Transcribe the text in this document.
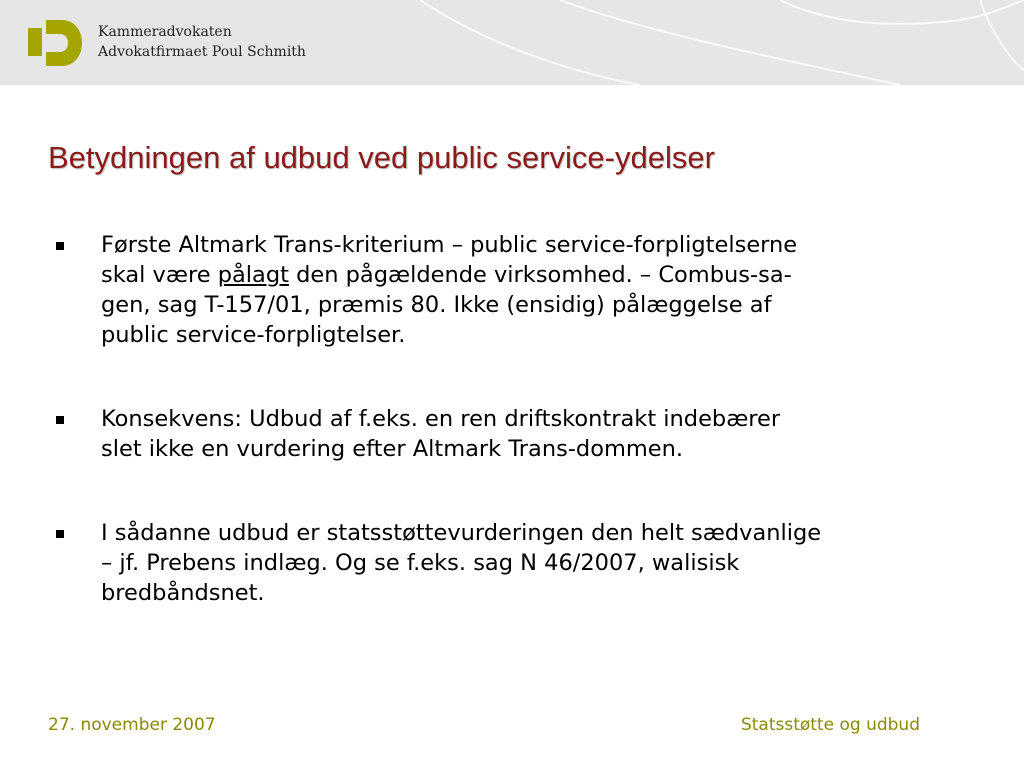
Kammeradvokaten
Advokatfirmaet Poul Schmith
Betydningen af udbud ved public service-ydelser
Første Altmark Trans-kriterium – public service-forpligtelserne
skal være pålagt den pågældende virksomhed. – Combus-sa-
gen, sag T-157/01, præmis 80. Ikke (ensidig) pålæggelse af
public service-forpligtelser.
Konsekvens: Udbud af f.eks. en ren driftskontrakt indebærer
slet ikke en vurdering efter Altmark Trans-dommen.
I sådanne udbud er statsstøttevurderingen den helt sædvanlige
– jf. Prebens indlæg. Og se f.eks. sag N 46/2007, walisisk
bredbåndsnet.
27. november 2007	Statsstøtte og udbud
